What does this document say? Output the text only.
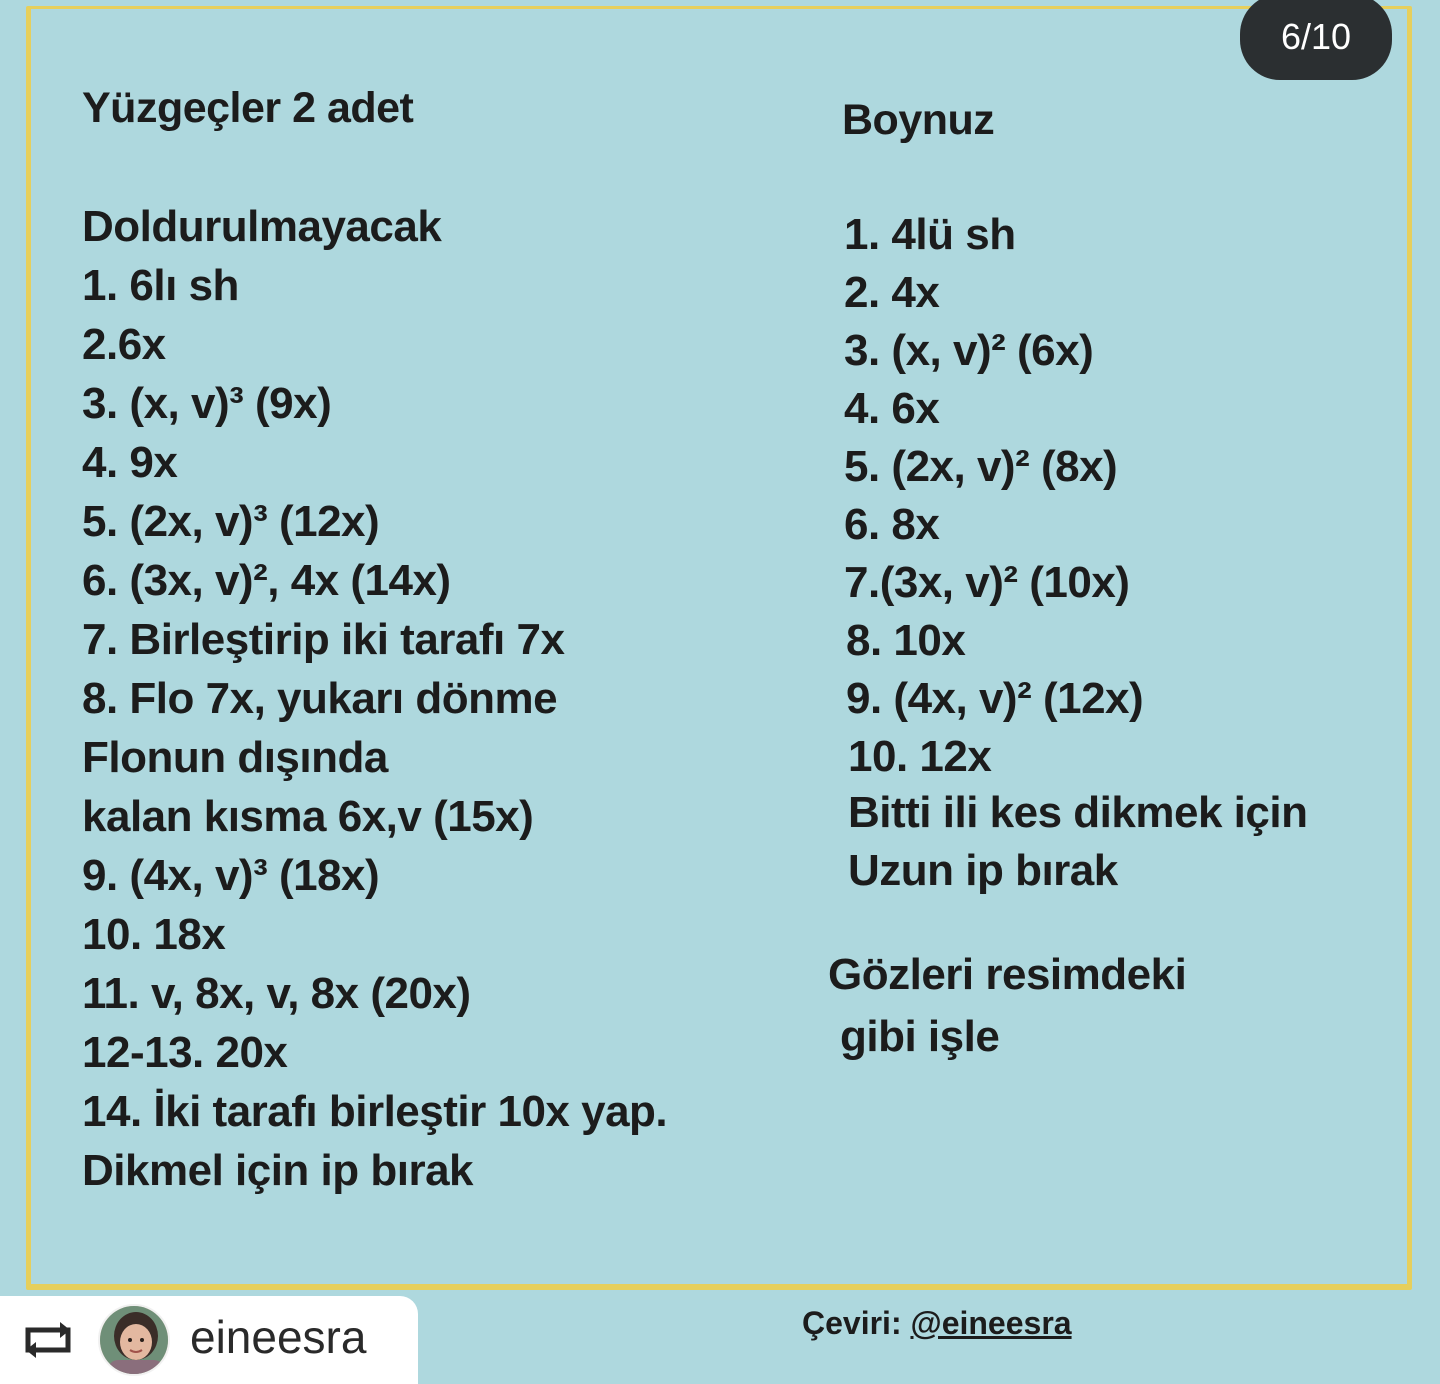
6/10
Yüzgeçler 2 adet
Doldurulmayacak
1. 6lı sh
2.6x
3. (x, v)³ (9x)
4. 9x
5. (2x, v)³ (12x)
6. (3x, v)², 4x (14x)
7. Birleştirip iki tarafı 7x
8. Flo 7x, yukarı dönme
Flonun dışında
kalan kısma 6x,v (15x)
9. (4x, v)³ (18x)
10. 18x
11. v, 8x, v, 8x (20x)
12-13. 20x
14. İki tarafı birleştir 10x yap.
Dikmel için ip bırak
Boynuz
1. 4lü sh
2. 4x
3. (x, v)² (6x)
4. 6x
5. (2x, v)² (8x)
6. 8x
7.(3x, v)² (10x)
8. 10x
9. (4x, v)² (12x)
10. 12x
Bitti ili kes dikmek için
Uzun ip bırak
Gözleri resimdeki
gibi işle
Çeviri: @eineesra
eineesra
